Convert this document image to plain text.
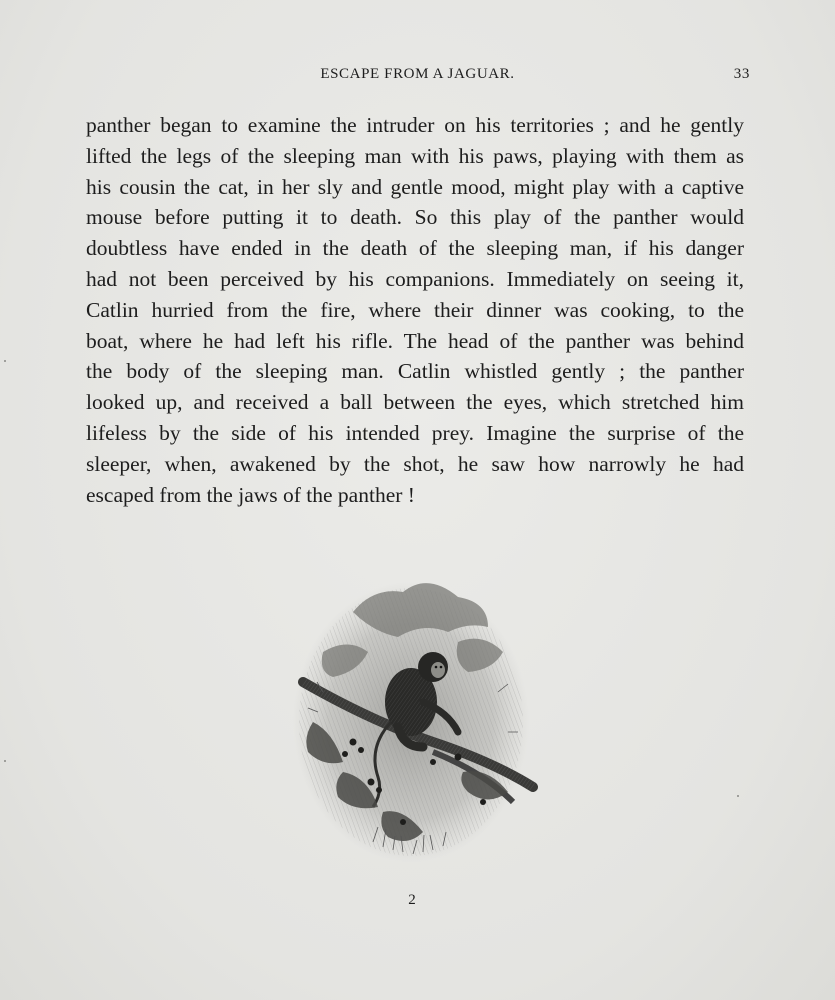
ESCAPE FROM A JAGUAR.	33
panther began to examine the intruder on his territories ; and he gently
lifted the legs of the sleeping man with his paws, playing with them as
his cousin the cat, in her sly and gentle mood, might play with a captive
mouse before putting it to death. So this play of the panther would
doubtless have ended in the death of the sleeping man, if his danger
had not been perceived by his companions. Immediately on seeing it,
Catlin hurried from the fire, where their dinner was cooking, to the
boat, where he had left his rifle. The head of the panther was behind
the body of the sleeping man. Catlin whistled gently ; the panther
looked up, and received a ball between the eyes, which stretched him
lifeless by the side of his intended prey. Imagine the surprise of the
sleeper, when, awakened by the shot, he saw how narrowly he had
escaped from the jaws of the panther !
2
